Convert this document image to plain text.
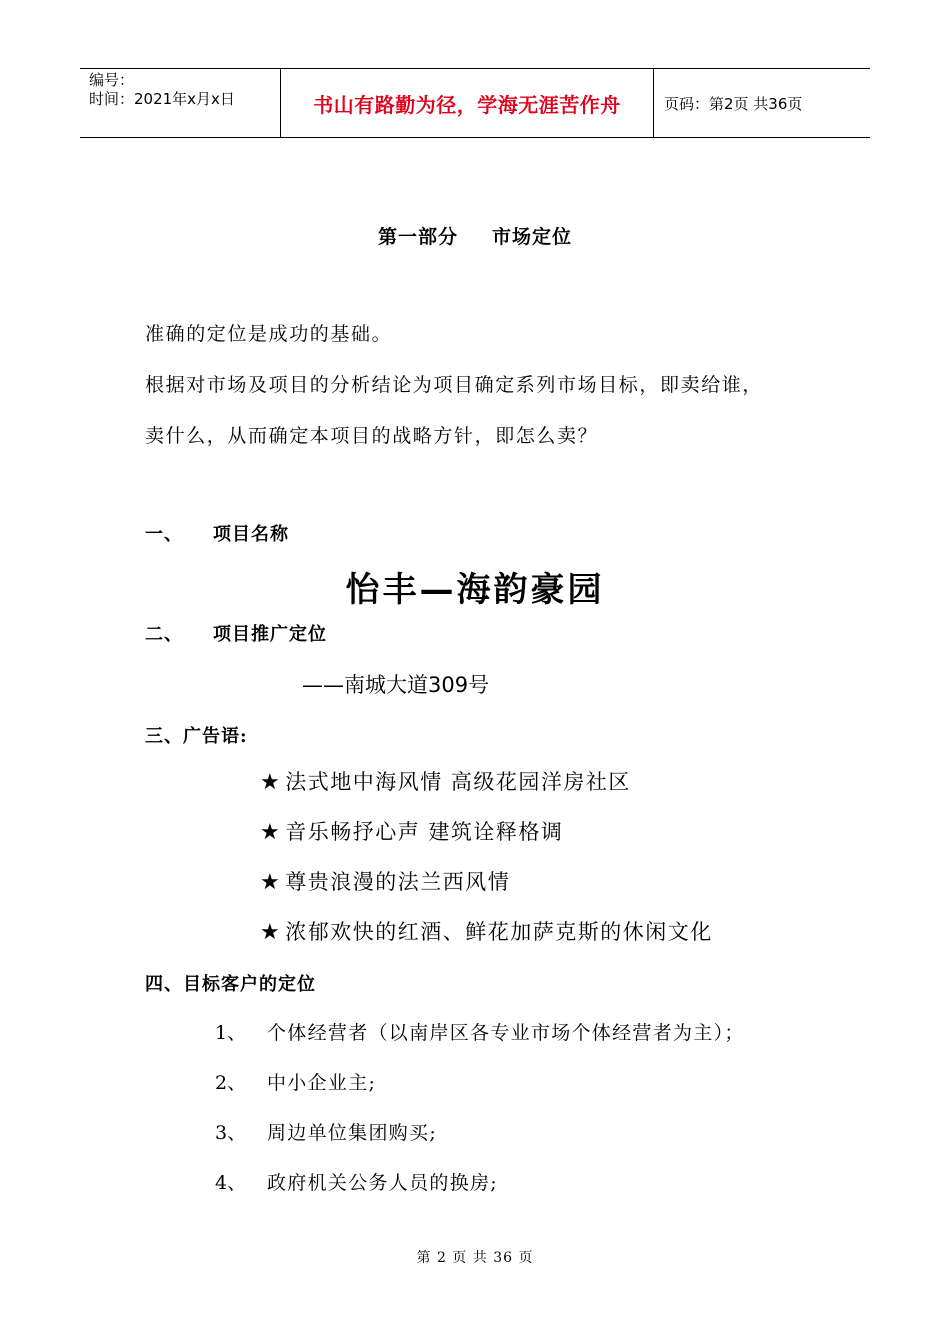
编号：
时间：2021年x月x日	书山有路勤为径，学海无涯苦作舟	页码：第2页 共36页
第一部分 市场定位
准确的定位是成功的基础。
根据对市场及项目的分析结论为项目确定系列市场目标，即卖给谁，
卖什么，从而确定本项目的战略方针，即怎么卖？
一、 项目名称
怡丰—海韵豪园
二、 项目推广定位
——南城大道309号
三、广告语:
★ 法式地中海风情 高级花园洋房社区
★ 音乐畅抒心声 建筑诠释格调
★ 尊贵浪漫的法兰西风情
★ 浓郁欢快的红酒、鲜花加萨克斯的休闲文化
四、目标客户的定位
1、 个体经营者（以南岸区各专业市场个体经营者为主）；
2、 中小企业主;
3、 周边单位集团购买;
4、 政府机关公务人员的换房;
第 2 页 共 36 页
